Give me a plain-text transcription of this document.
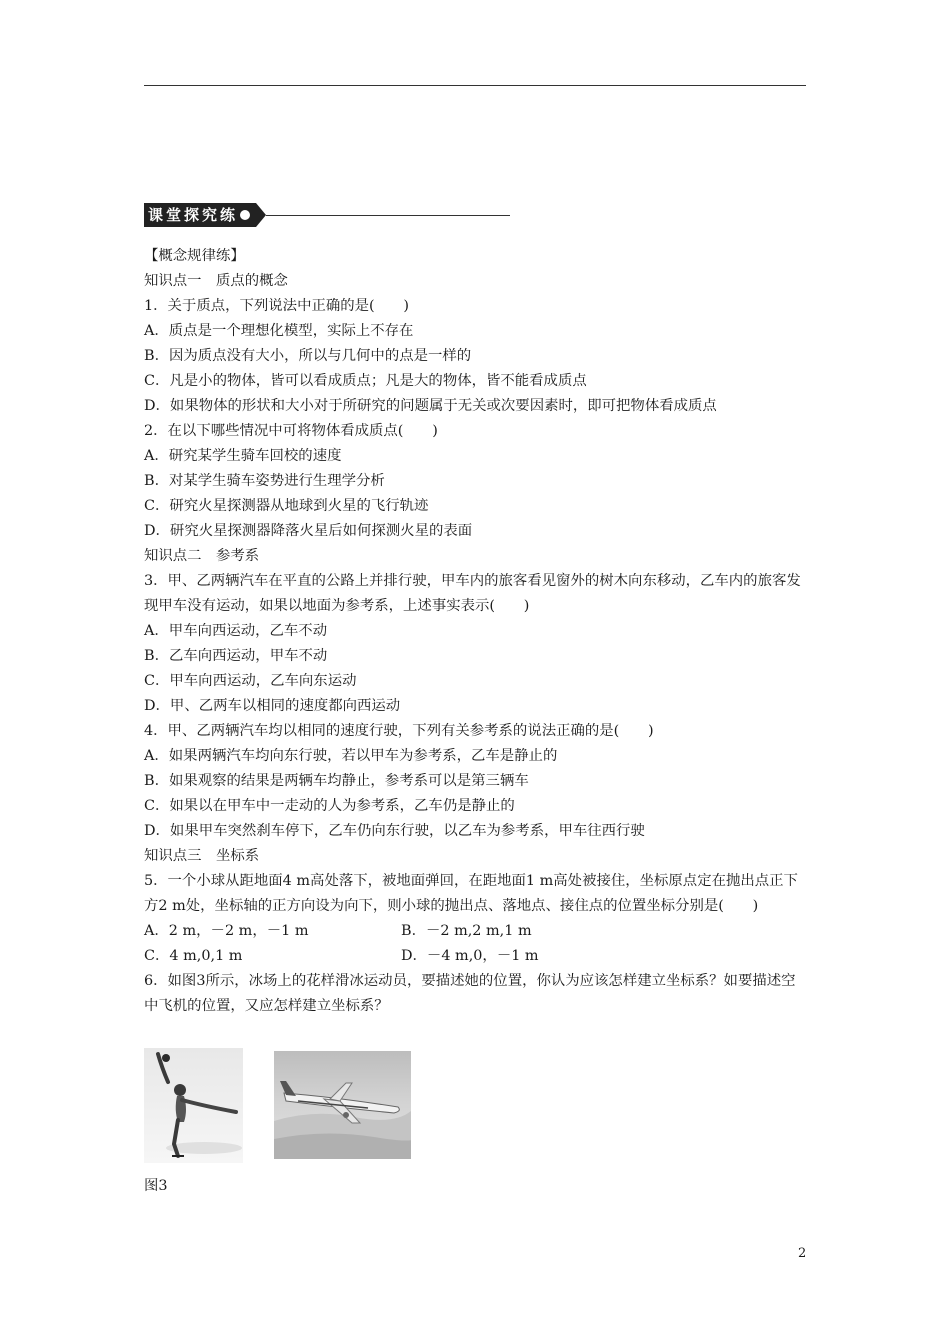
课堂探究练
【概念规律练】
知识点一　质点的概念
1．关于质点，下列说法中正确的是(　　)
A．质点是一个理想化模型，实际上不存在
B．因为质点没有大小，所以与几何中的点是一样的
C．凡是小的物体，皆可以看成质点；凡是大的物体，皆不能看成质点
D．如果物体的形状和大小对于所研究的问题属于无关或次要因素时，即可把物体看成质点
2．在以下哪些情况中可将物体看成质点(　　)
A．研究某学生骑车回校的速度
B．对某学生骑车姿势进行生理学分析
C．研究火星探测器从地球到火星的飞行轨迹
D．研究火星探测器降落火星后如何探测火星的表面
知识点二　参考系
3．甲、乙两辆汽车在平直的公路上并排行驶，甲车内的旅客看见窗外的树木向东移动，乙车内的旅客发现甲车没有运动，如果以地面为参考系，上述事实表示(　　)
A．甲车向西运动，乙车不动
B．乙车向西运动，甲车不动
C．甲车向西运动，乙车向东运动
D．甲、乙两车以相同的速度都向西运动
4．甲、乙两辆汽车均以相同的速度行驶，下列有关参考系的说法正确的是(　　)
A．如果两辆汽车均向东行驶，若以甲车为参考系，乙车是静止的
B．如果观察的结果是两辆车均静止，参考系可以是第三辆车
C．如果以在甲车中一走动的人为参考系，乙车仍是静止的
D．如果甲车突然刹车停下，乙车仍向东行驶，以乙车为参考系，甲车往西行驶
知识点三　坐标系
5．一个小球从距地面4 m高处落下，被地面弹回，在距地面1 m高处被接住，坐标原点定在抛出点正下方2 m处，坐标轴的正方向设为向下，则小球的抛出点、落地点、接住点的位置坐标分别是(　　)
A．2 m，－2 m，－1 m	B．－2 m,2 m,1 m
C．4 m,0,1 m	D．－4 m,0，－1 m
6．如图3所示，冰场上的花样滑冰运动员，要描述她的位置，你认为应该怎样建立坐标系？如要描述空中飞机的位置，又应怎样建立坐标系？
图3
2
